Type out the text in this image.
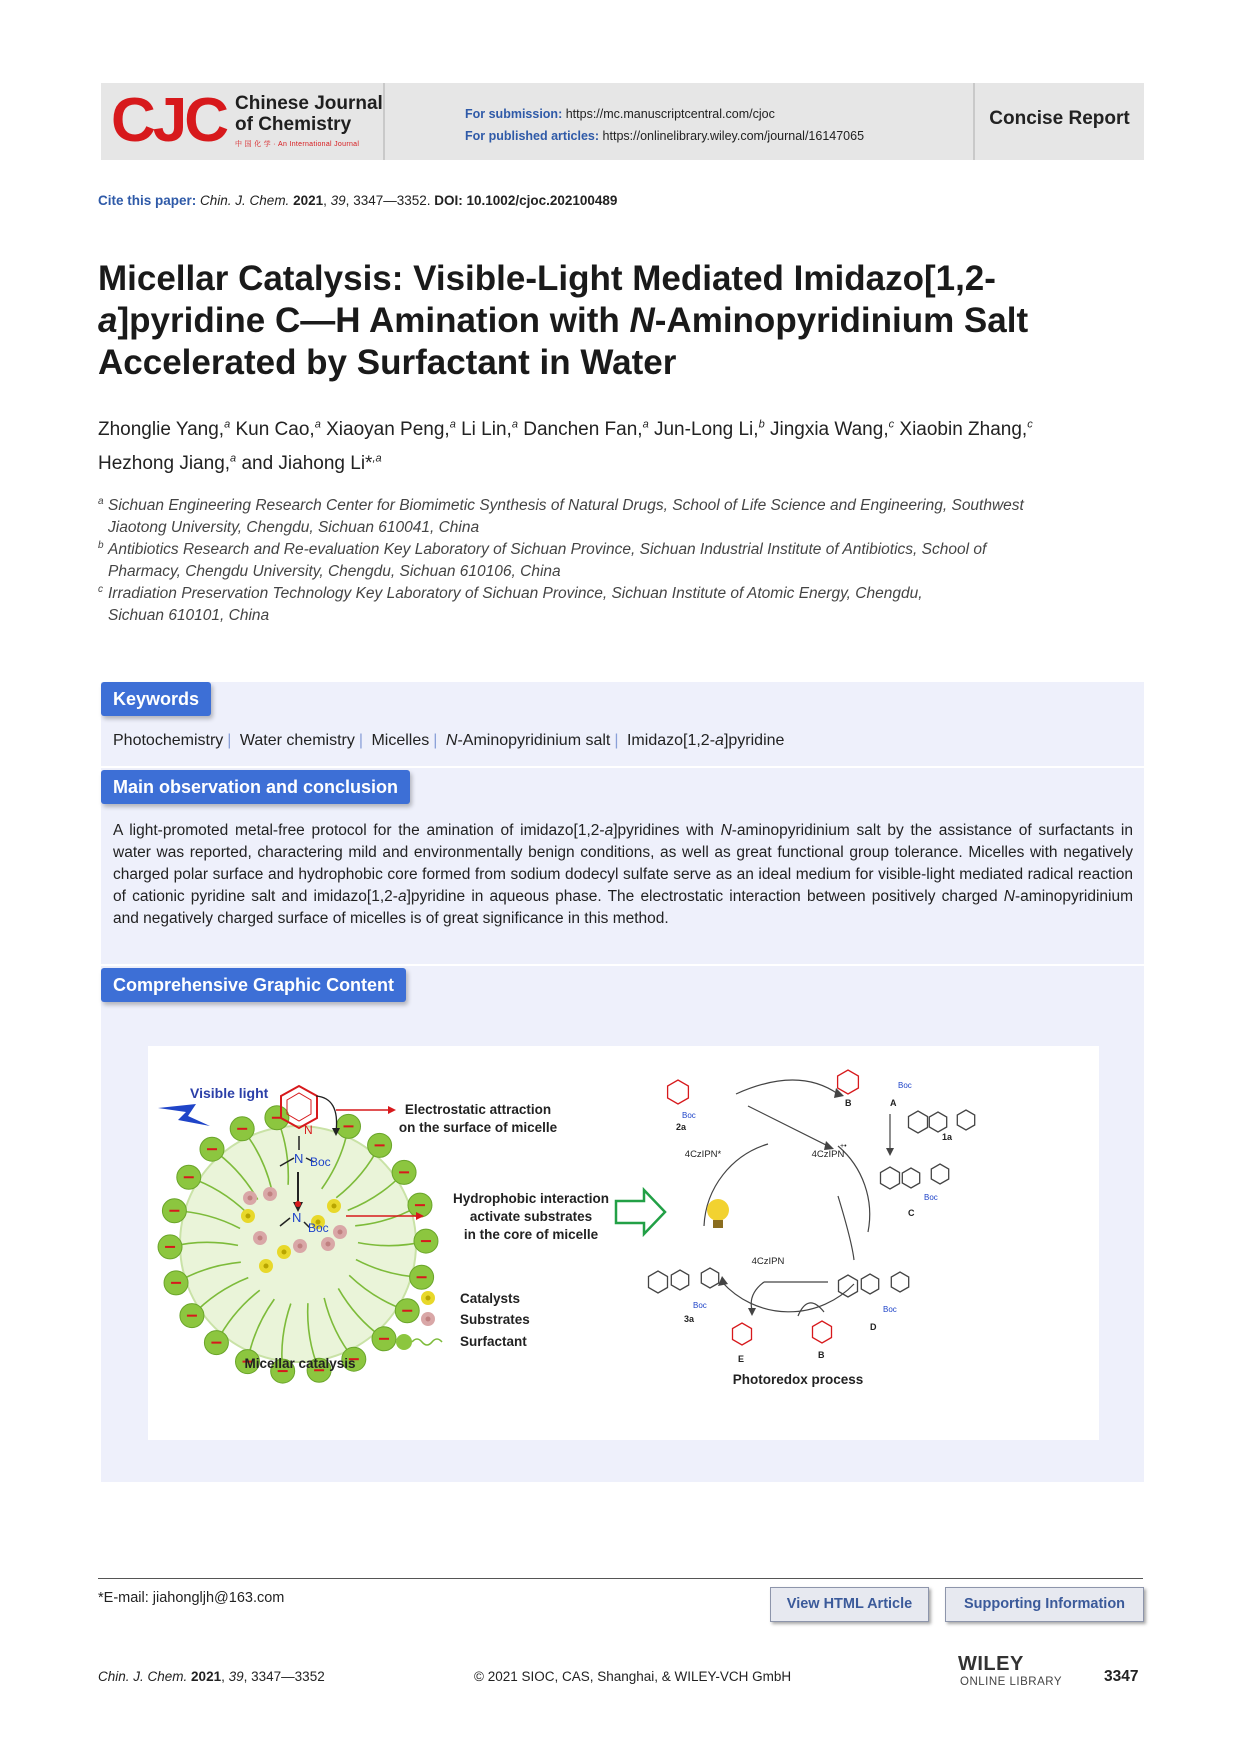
CJC Chinese Journal
of Chemistry
中 国 化 学 · An International Journal
For submission: https://mc.manuscriptcentral.com/cjoc
For published articles: https://onlinelibrary.wiley.com/journal/16147065
Concise Report
Cite this paper: Chin. J. Chem. 2021, 39, 3347—3352. DOI: 10.1002/cjoc.202100489
Micellar Catalysis: Visible-Light Mediated Imidazo[1,2-a]pyridine C—H Amination with N-Aminopyridinium Salt Accelerated by Surfactant in Water
Zhonglie Yang,$^a$ Kun Cao,$^a$ Xiaoyan Peng,$^a$ Li Lin,$^a$ Danchen Fan,$^a$ Jun-Long Li,$^b$ Jingxia Wang,$^c$ Xiaobin Zhang,$^c$
Hezhong Jiang,$^a$ and Jiahong Li*$^{,a}$
a Sichuan Engineering Research Center for Biomimetic Synthesis of Natural Drugs, School of Life Science and Engineering, Southwest
Jiaotong University, Chengdu, Sichuan 610041, China
b Antibiotics Research and Re-evaluation Key Laboratory of Sichuan Province, Sichuan Industrial Institute of Antibiotics, School of
Pharmacy, Chengdu University, Chengdu, Sichuan 610106, China
c Irradiation Preservation Technology Key Laboratory of Sichuan Province, Sichuan Institute of Atomic Energy, Chengdu,
Sichuan 610101, China
Keywords
Photochemistry | Water chemistry | Micelles | N-Aminopyridinium salt | Imidazo[1,2-a]pyridine
Main observation and conclusion
A light-promoted metal-free protocol for the amination of imidazo[1,2-a]pyridines with N-aminopyridinium salt by the assistance of surfactants in water was reported, charactering mild and environmentally benign conditions, as well as great functional group tolerance. Micelles with negatively charged polar surface and hydrophobic core formed from sodium dodecyl sulfate serve as an ideal medium for visible-light mediated radical reaction of cationic pyridine salt and imidazo[1,2-a]pyridine in aqueous phase. The electrostatic interaction between positively charged N-aminopyridinium and negatively charged surface of micelles is of great significance in this method.
Comprehensive Graphic Content
Visible light
N
N Boc
N
Boc
Electrostatic attraction
on the surface of micelle
Hydrophobic interaction
activate substrates
in the core of micelle
Catalysts
Substrates
Surfactant
Micellar catalysis
4CzIPN*	4CzIPN
+•
4CzIPN
2a
B	A
1a
C
D
E
3a
B
Boc
Boc
Boc
Boc
Boc
Photoredox process
*E-mail: jiahongljh@163.com	View HTML Article	Supporting Information
Chin. J. Chem. 2021, 39, 3347—3352	© 2021 SIOC, CAS, Shanghai, & WILEY-VCH GmbH
WILEY
ONLINE LIBRARY	3347
